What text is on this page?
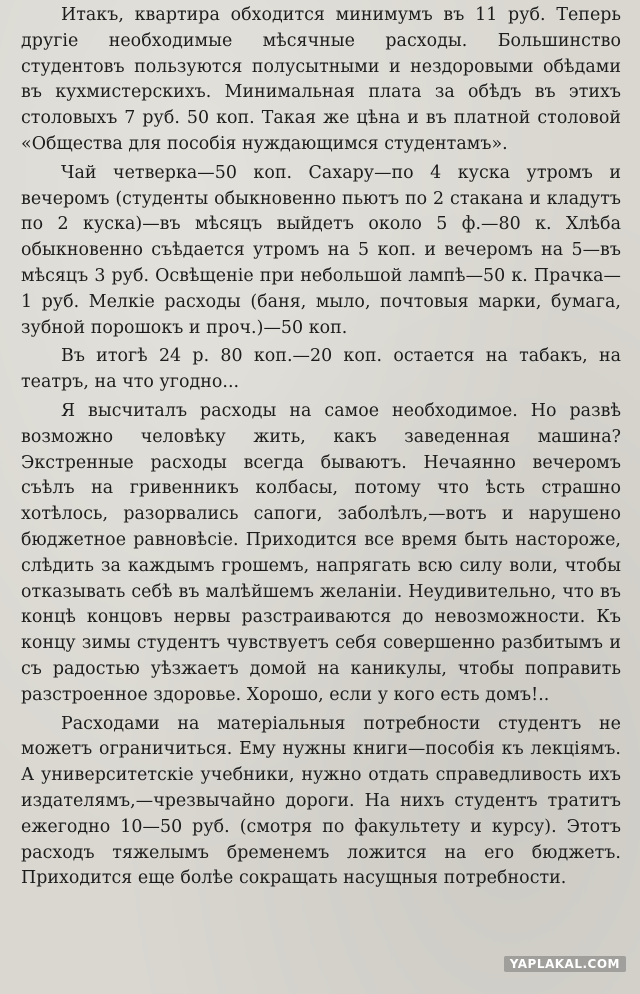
Итакъ, квартира обходится минимумъ въ 11 руб. Теперь другіе необходимые мѣсячные расходы. Большинство студентовъ пользуются полусытными и нездоровыми обѣдами въ кухмистерскихъ. Минимальная плата за обѣдъ въ этихъ столовыхъ 7 руб. 50 коп. Такая же цѣна и въ платной столовой «Общества для пособія нуждающимся студентамъ».

Чай четверка—50 коп. Сахару—по 4 куска утромъ и вечеромъ (студенты обыкновенно пьютъ по 2 стакана и кладутъ по 2 куска)—въ мѣсяцъ выйдетъ около 5 ф.—80 к. Хлѣба обыкновенно съѣдается утромъ на 5 коп. и вечеромъ на 5—въ мѣсяцъ 3 руб. Освѣщеніе при небольшой лампѣ—50 к. Прачка—1 руб. Мелкіе расходы (баня, мыло, почтовыя марки, бумага, зубной порошокъ и проч.)—50 коп.

Въ итогѣ 24 р. 80 коп.—20 коп. остается на табакъ, на театръ, на что угодно...

Я высчиталъ расходы на самое необходимое. Но развѣ возможно человѣку жить, какъ заведенная машина? Экстренные расходы всегда бываютъ. Нечаянно вечеромъ съѣлъ на гривенникъ колбасы, потому что ѣсть страшно хотѣлось, разорвались сапоги, заболѣлъ,—вотъ и нарушено бюджетное равновѣсіе. Приходится все время быть настороже, слѣдить за каждымъ грошемъ, напрягать всю силу воли, чтобы отказывать себѣ въ малѣйшемъ желаніи. Неудивительно, что въ концѣ концовъ нервы разстраиваются до невозможности. Къ концу зимы студентъ чувствуетъ себя совершенно разбитымъ и съ радостью уѣзжаетъ домой на каникулы, чтобы поправить разстроенное здоровье. Хорошо, если у кого есть домъ!..

Расходами на матеріальныя потребности студентъ не можетъ ограничиться. Ему нужны книги—пособія къ лекціямъ. А университетскіе учебники, нужно отдать справедливость ихъ издателямъ,—чрезвычайно дороги. На нихъ студентъ тратитъ ежегодно 10—50 руб. (смотря по факультету и курсу). Этотъ расходъ тяжелымъ бременемъ ложится на его бюджетъ. Приходится еще болѣе сокращать насущныя потребности.

YAPLAKAL.COM
